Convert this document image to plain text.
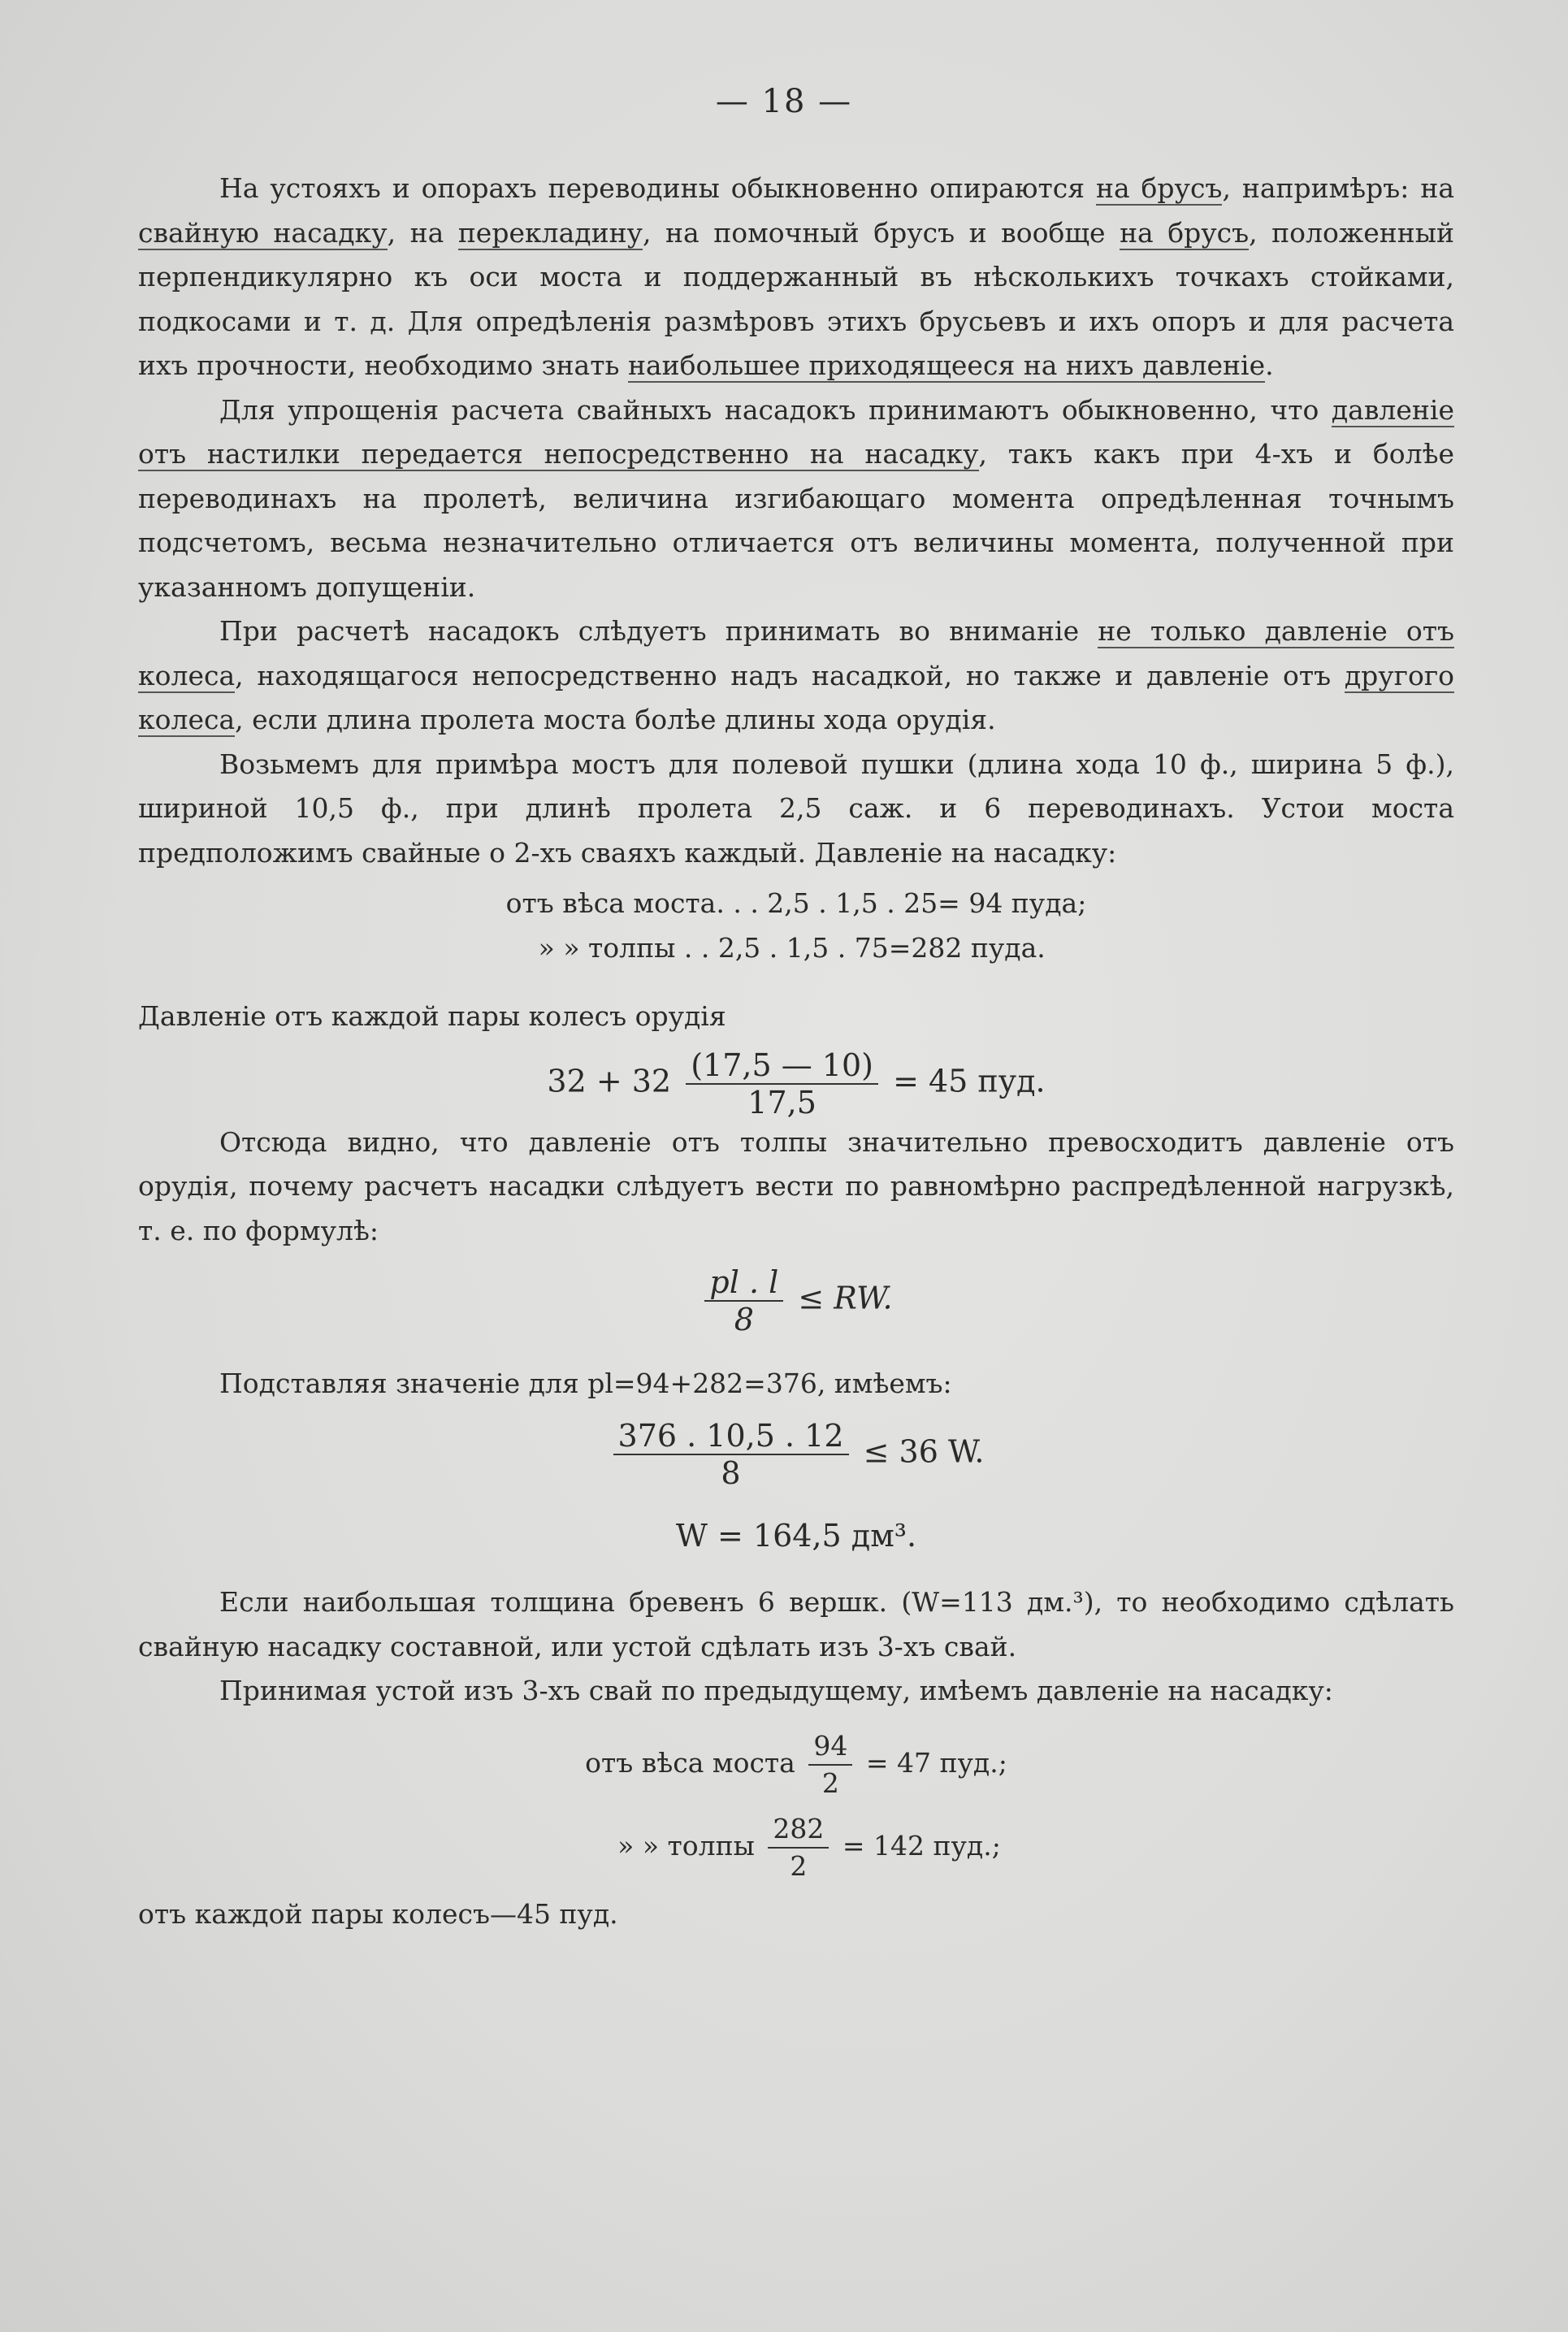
— 18 —

На устояхъ и опорахъ переводины обыкновенно опираются на брусъ, напримѣръ: на свайную насадку, на перекладину, на помочный брусъ и вообще на брусъ, положенный перпендикулярно къ оси моста и поддержанный въ нѣсколькихъ точкахъ стойками, подкосами и т. д. Для опредѣленія размѣровъ этихъ брусьевъ и ихъ опоръ и для расчета ихъ прочности, необходимо знать наибольшее приходящееся на нихъ давленіе.

Для упрощенія расчета свайныхъ насадокъ принимаютъ обыкновенно, что давленіе отъ настилки передается непосредственно на насадку, такъ какъ при 4-хъ и болѣе переводинахъ на пролетѣ, величина изгибающаго момента опредѣленная точнымъ подсчетомъ, весьма незначительно отличается отъ величины момента, полученной при указанномъ допущеніи.

При расчетѣ насадокъ слѣдуетъ принимать во вниманіе не только давленіе отъ колеса, находящагося непосредственно надъ насадкой, но также и давленіе отъ другого колеса, если длина пролета моста болѣе длины хода орудія.

Возьмемъ для примѣра мостъ для полевой пушки (длина хода 10 ф., ширина 5 ф.), шириной 10,5 ф., при длинѣ пролета 2,5 саж. и 6 переводинахъ. Устои моста предположимъ свайные о 2-хъ сваяхъ каждый. Давленіе на насадку:

отъ вѣса моста. . . 2,5 . 1,5 . 25= 94 пуда;
» » толпы . . 2,5 . 1,5 . 75=282 пуда.

Давленіе отъ каждой пары колесъ орудія

$32 + 32 \frac{(17,5 — 10)}{17,5} = 45$ пуд.

Отсюда видно, что давленіе отъ толпы значительно превосходитъ давленіе отъ орудія, почему расчетъ насадки слѣдуетъ вести по равномѣрно распредѣленной нагрузкѣ, т. е. по формулѣ:

$\frac{pl . l}{8}$ ≤ RW.

Подставляя значеніе для pl=94+282=376, имѣемъ:

$\frac{376 . 10,5 . 12}{8} \le 36$ W.

W = 164,5 дм³.

Если наибольшая толщина бревенъ 6 вершк. (W=113 дм.³), то необходимо сдѣлать свайную насадку составной, или устой сдѣлать изъ 3-хъ свай.

Принимая устой изъ 3-хъ свай по предыдущему, имѣемъ давленіе на насадку:

отъ вѣса моста $\frac{94}{2} = 47$ пуд.;
» » толпы $\frac{282}{2} = 142$ пуд.;

отъ каждой пары колесъ—45 пуд.
